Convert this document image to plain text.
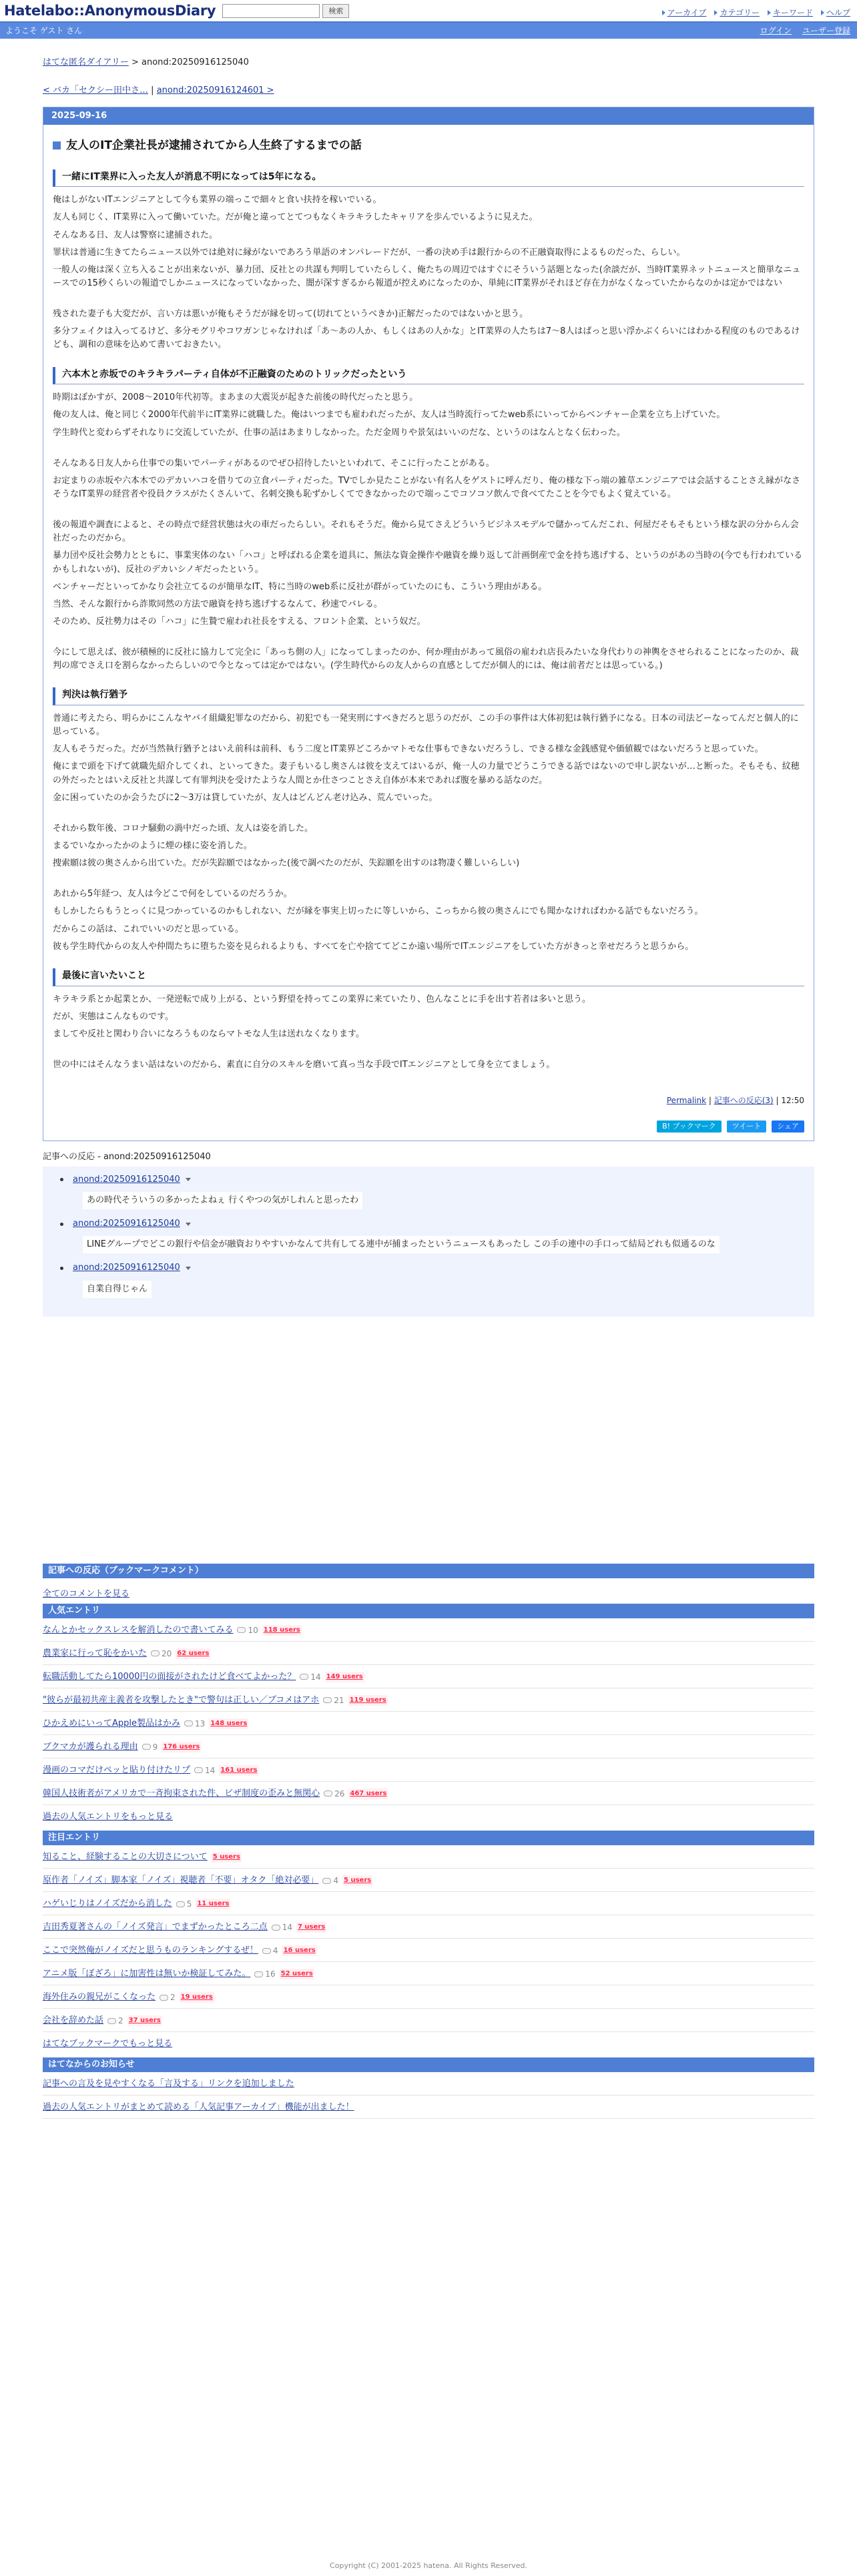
Hatelabo::AnonymousDiary	検索	アーカイブ カテゴリー キーワード ヘルプ
ようこそ ゲスト さん	ログイン ユーザー登録
はてな匿名ダイアリー > anond:20250916125040
< バカ「セクシー田中さ… | anond:20250916124601 >
2025-09-16
友人のIT企業社長が逮捕されてから人生終了するまでの話
一緒にIT業界に入った友人が消息不明になっては5年になる。
俺はしがないITエンジニアとして今も業界の端っこで細々と食い扶持を稼いでいる。
友人も同じく、IT業界に入って働いていた。だが俺と違ってとてつもなくキラキラしたキャリアを歩んでいるように見えた。
そんなある日、友人は警察に逮捕された。
罪状は普通に生きてたらニュース以外では絶対に縁がないであろう単語のオンパレードだが、一番の決め手は銀行からの不正融資取得によるものだった、らしい。
一般人の俺は深く立ち入ることが出来ないが、暴力団、反社との共謀も判明していたらしく、俺たちの周辺ではすぐにそういう話題となった(余談だが、当時IT業界ネットニュースと簡単なニュースでの15秒くらいの報道でしかニュースになっていなかった、闇が深すぎるから報道が控えめになったのか、単純にIT業界がそれほど存在力がなくなっていたからなのかは定かではない
残された妻子も大変だが、言い方は悪いが俺もそうだが縁を切って(切れてというべきか)正解だったのではないかと思う。
多分フェイクは入ってるけど、多分モグリやコワガンじゃなければ「あ〜あの人か、もしくはあの人かな」とIT業界の人たちは7〜8人はぱっと思い浮かぶくらいにはわかる程度のものであるけども、調和の意味を込めて書いておきたい。
六本木と赤坂でのキラキラパーティ自体が不正融資のためのトリックだったという
時期はぼかすが、2008〜2010年代初等。まあまの大震災が起きた前後の時代だったと思う。
俺の友人は、俺と同じく2000年代前半にIT業界に就職した。俺はいつまでも雇われだったが、友人は当時流行ってたweb系にいってからベンチャー企業を立ち上げていた。
学生時代と変わらずそれなりに交流していたが、仕事の話はあまりしなかった。ただ金周りや景気はいいのだな、というのはなんとなく伝わった。
そんなある日友人から仕事での集いでパーティがあるのでぜひ招待したいといわれて、そこに行ったことがある。
お定まりの赤坂や六本木でのデカいハコを借りての立食パーティだった。TVでしか見たことがない有名人をゲストに呼んだり、俺の様な下っ端の雑草エンジニアでは会話することさえ縁がなさそうなIT業界の経営者や役員クラスがたくさんいて、名刺交換も恥ずかしくてできなかったので端っこでコソコソ飲んで食べてたことを今でもよく覚えている。
後の報道や調査によると、その時点で経営状態は火の車だったらしい。それもそうだ。俺から見てさえどういうビジネスモデルで儲かってんだこれ、何屋だそもそもという様な訳の分からん会社だったのだから。
暴力団や反社会勢力とともに、事業実体のない「ハコ」と呼ばれる企業を道具に、無法な資金操作や融資を繰り返して計画倒産で金を持ち逃げする、というのがあの当時の(今でも行われているかもしれないが)、反社のデカいシノギだったという。
ベンチャーだといってかなり会社立てるのが簡単なIT、特に当時のweb系に反社が群がっていたのにも、こういう理由がある。
当然、そんな銀行から詐欺同然の方法で融資を持ち逃げするなんて、秒速でバレる。
そのため、反社勢力はその「ハコ」に生贄で雇われ社長をすえる、フロント企業、という奴だ。
今にして思えば、彼が積極的に反社に協力して完全に「あっち側の人」になってしまったのか、何か理由があって風俗の雇われ店長みたいな身代わりの神輿をさせられることになったのか、裁判の席でさえ口を割らなかったらしいので今となっては定かではない。(学生時代からの友人からの直感としてだが個人的には、俺は前者だとは思っている。)
判決は執行猶予
普通に考えたら、明らかにこんなヤバイ組織犯罪なのだから、初犯でも一発実刑にすべきだろと思うのだが、この手の事件は大体初犯は執行猶予になる。日本の司法どーなってんだと個人的に思っている。
友人もそうだった。だが当然執行猶予とはいえ前科は前科、もう二度とIT業界どころかマトモな仕事もできないだろうし、できる様な金銭感覚や価値観ではないだろうと思っていた。
俺にまで頭を下げて就職先紹介してくれ、といってきた。妻子もいるし奥さんは彼を支えてはいるが、俺一人の力量でどうこうできる話ではないので申し訳ないが…と断った。そもそも、紋穂の外だったとはいえ反社と共謀して有罪判決を受けたような人間とか仕さつことさえ自体が本来であれば腹を暴める話なのだ。
金に困っていたのか会うたびに2〜3万は貸していたが、友人はどんどん老け込み、荒んでいった。
それから数年後、コロナ騒動の渦中だった頃、友人は姿を消した。
まるでいなかったかのように煙の様に姿を消した。
捜索願は彼の奥さんから出ていた。だが失踪願ではなかった(後で調べたのだが、失踪願を出すのは物凄く難しいらしい)
あれから5年経つ、友人は今どこで何をしているのだろうか。
もしかしたらもうとっくに見つかっているのかもしれない、だが縁を事実上切ったに等しいから、こっちから彼の奥さんにでも聞かなければわかる話でもないだろう。
だからこの話は、これでいいのだと思っている。
彼も学生時代からの友人や仲間たちに堕ちた姿を見られるよりも、すべてを亡や捨ててどこか遠い場所でITエンジニアをしていた方がきっと幸せだろうと思うから。
最後に言いたいこと
キラキラ系とか起業とか、一発逆転で成り上がる、という野望を持ってこの業界に来ていたり、色んなことに手を出す若者は多いと思う。
だが、実態はこんなものです。
ましてや反社と関わり合いになろうものならマトモな人生は送れなくなります。
世の中にはそんなうまい話はないのだから、素直に自分のスキルを磨いて真っ当な手段でITエンジニアとして身を立てましょう。
Permalink | 記事への反応(3) | 12:50
B! ブックマーク	ツイート	シェア
記事への反応 - anond:20250916125040
anond:20250916125040
あの時代そういうの多かったよねぇ 行くやつの気がしれんと思ったわ
anond:20250916125040
LINEグループでどこの銀行や信金が融資おりやすいかなんて共有してる連中が捕まったというニュースもあったし この手の連中の手口って結局どれも似通るのな
anond:20250916125040
自業自得じゃん
記事への反応（ブックマークコメント）
全てのコメントを見る
人気エントリ
なんとかセックスレスを解消したので書いてみる 10 118 users
農業家に行って恥をかいた 20 62 users
転職活動してたら10000円の面接がされたけど食べてよかった？ 14 149 users
"彼らが最初共産主義者を攻撃したとき"で警句は正しい／ブコメはアホ 21 119 users
ひかえめにいってApple製品はかみ 13 148 users
ブクマカが護られる理由 9 176 users
漫画のコマだけペッと貼り付けたリプ 14 161 users
韓国人技術者がアメリカで一斉拘束された件、ビザ制度の歪みと無関心 26 467 users
過去の人気エントリをもっと見る
注目エントリ
知ること、経験することの大切さについて 5 users
原作者「ノイズ」脚本家「ノイズ」視聴者「不要」オタク「絶対必要」 4 5 users
ハゲいじりはノイズだから消した 5 11 users
吉田秀夏著さんの「ノイズ発言」でまずかったところ二点 14 7 users
ここで突然俺がノイズだと思うものランキングするぜ！ 4 16 users
アニメ版「ぼざろ」に加害性は無いか検証してみた。 16 52 users
海外住みの親兄がこくなった 2 19 users
会社を辞めた話 2 37 users
はてなブックマークでもっと見る
はてなからのお知らせ
記事への言及を見やすくなる「言及する」リンクを追加しました
過去の人気エントリがまとめて読める「人気記事アーカイブ」機能が出ました！
Copyright (C) 2001-2025 hatena. All Rights Reserved.
